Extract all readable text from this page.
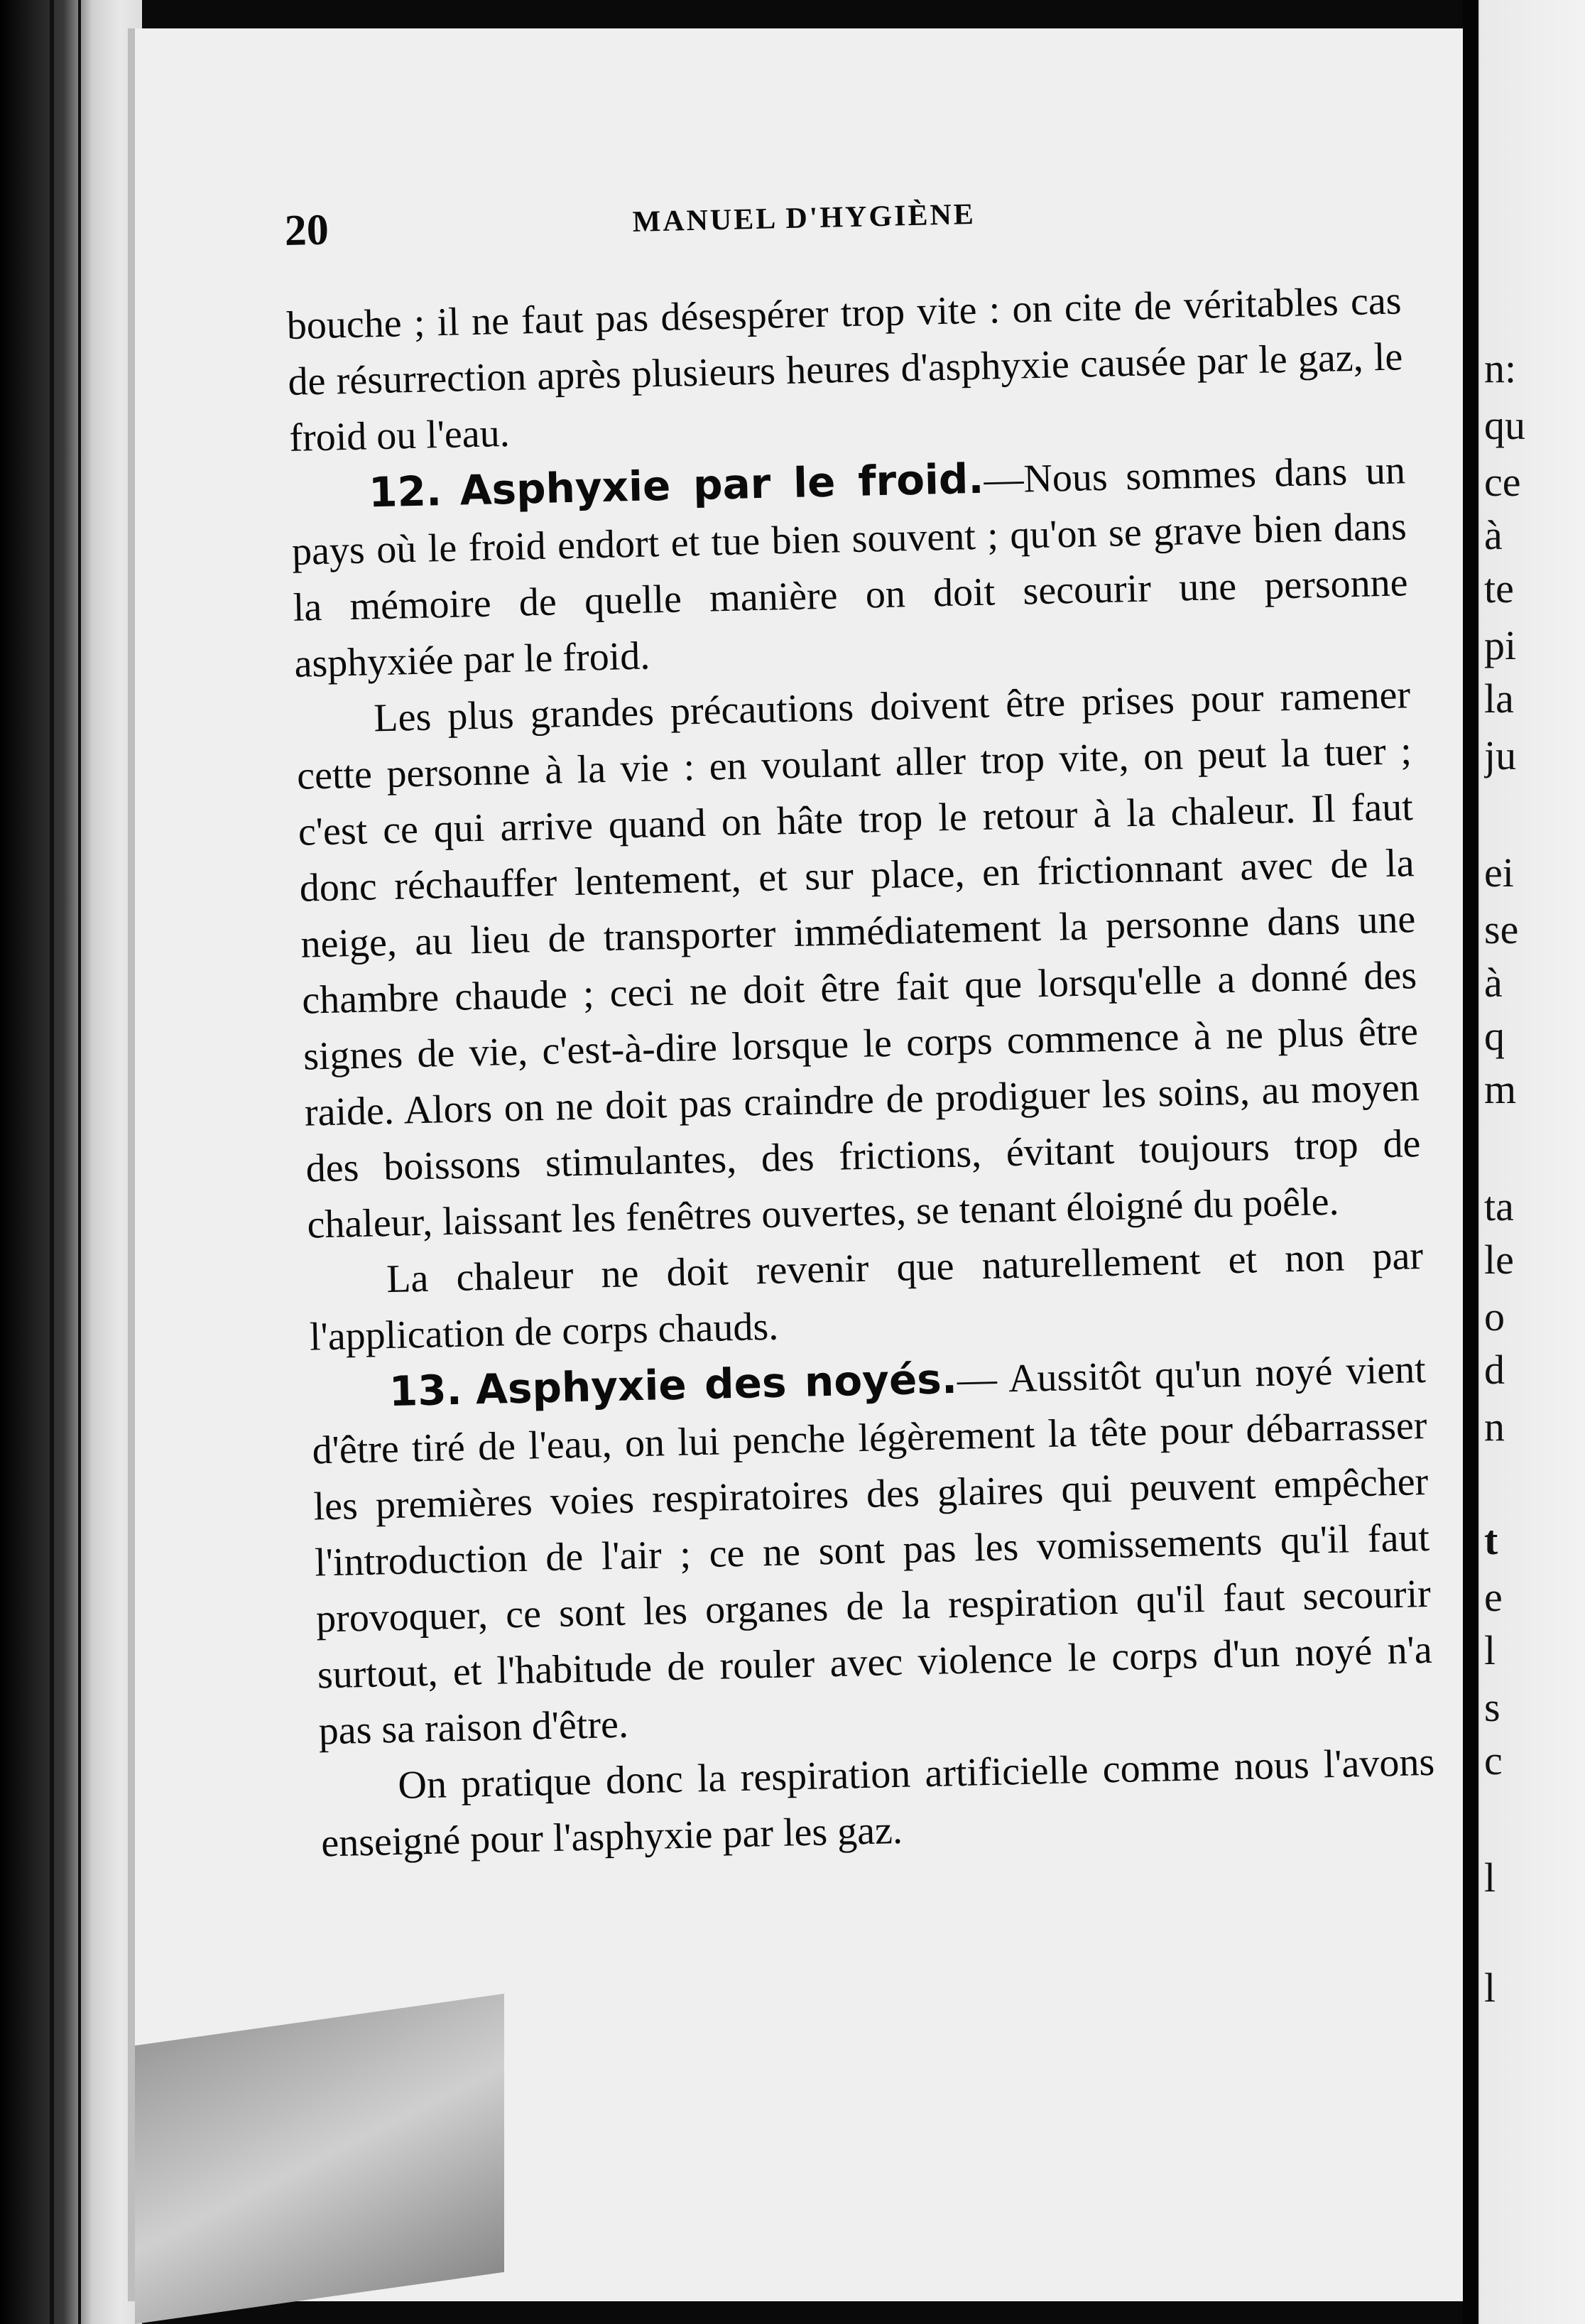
n:
qu
ce
à
te
pi
la
ju
ei
se
à
q
m
ta
le
o
d
n
t
e
l
s
c
l
l
20	MANUEL D'HYGIÈNE

bouche ; il ne faut pas désespérer trop vite : on cite de véritables cas de résurrection après plusieurs heures d'asphyxie causée par le gaz, le froid ou l'eau.

12. Asphyxie par le froid.—Nous sommes dans un pays où le froid endort et tue bien souvent ; qu'on se grave bien dans la mémoire de quelle manière on doit secourir une personne asphyxiée par le froid.

Les plus grandes précautions doivent être prises pour ramener cette personne à la vie : en voulant aller trop vite, on peut la tuer ; c'est ce qui arrive quand on hâte trop le retour à la chaleur. Il faut donc réchauffer lentement, et sur place, en frictionnant avec de la neige, au lieu de transporter immédiatement la personne dans une chambre chaude ; ceci ne doit être fait que lorsqu'elle a donné des signes de vie, c'est-à-dire lorsque le corps commence à ne plus être raide. Alors on ne doit pas craindre de prodiguer les soins, au moyen des boissons stimulantes, des frictions, évitant toujours trop de chaleur, laissant les fenêtres ouvertes, se tenant éloigné du poêle.

La chaleur ne doit revenir que naturellement et non par l'application de corps chauds.

13. Asphyxie des noyés.— Aussitôt qu'un noyé vient d'être tiré de l'eau, on lui penche légèrement la tête pour débarrasser les premières voies respiratoires des glaires qui peuvent empêcher l'introduction de l'air ; ce ne sont pas les vomissements qu'il faut provoquer, ce sont les organes de la respiration qu'il faut secourir surtout, et l'habitude de rouler avec violence le corps d'un noyé n'a pas sa raison d'être.

On pratique donc la respiration artificielle comme nous l'avons enseigné pour l'asphyxie par les gaz.
